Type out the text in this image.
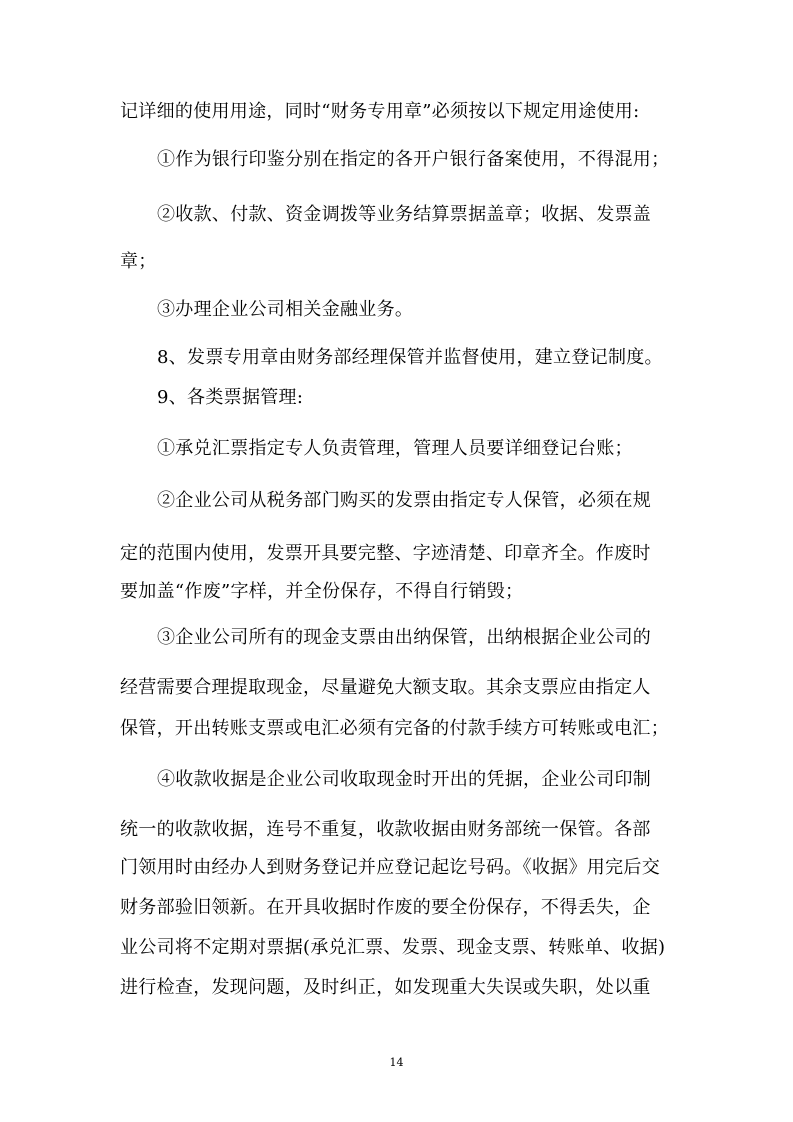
记详细的使用用途，同时“财务专用章”必须按以下规定用途使用:
①作为银行印鉴分别在指定的各开户银行备案使用，不得混用；
②收款、付款、资金调拨等业务结算票据盖章；收据、发票盖
章；
③办理企业公司相关金融业务。
8、发票专用章由财务部经理保管并监督使用，建立登记制度。
9、各类票据管理:
①承兑汇票指定专人负责管理，管理人员要详细登记台账；
②企业公司从税务部门购买的发票由指定专人保管，必须在规
定的范围内使用，发票开具要完整、字迹清楚、印章齐全。作废时
要加盖“作废”字样，并全份保存，不得自行销毁；
③企业公司所有的现金支票由出纳保管，出纳根据企业公司的
经营需要合理提取现金，尽量避免大额支取。其余支票应由指定人
保管，开出转账支票或电汇必须有完备的付款手续方可转账或电汇；
④收款收据是企业公司收取现金时开出的凭据，企业公司印制
统一的收款收据，连号不重复，收款收据由财务部统一保管。各部
门领用时由经办人到财务登记并应登记起讫号码。《收据》用完后交
财务部验旧领新。在开具收据时作废的要全份保存，不得丢失，企
业公司将不定期对票据(承兑汇票、发票、现金支票、转账单、收据)
进行检查，发现问题，及时纠正，如发现重大失误或失职，处以重
14
